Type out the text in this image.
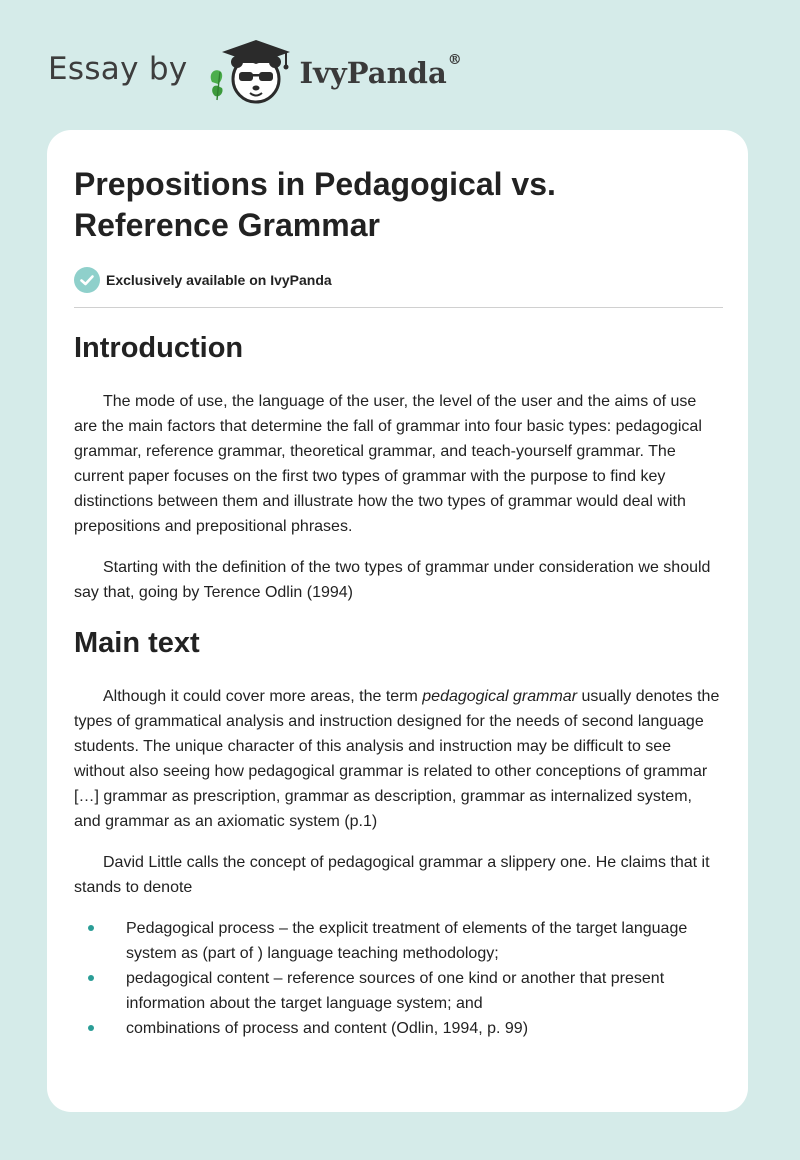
Essay by	IvyPanda®
Prepositions in Pedagogical vs. Reference Grammar
Exclusively available on IvyPanda
Introduction

The mode of use, the language of the user, the level of the user and the aims of use are the main factors that determine the fall of grammar into four basic types: pedagogical grammar, reference grammar, theoretical grammar, and teach-yourself grammar. The current paper focuses on the first two types of grammar with the purpose to find key distinctions between them and illustrate how the two types of grammar would deal with prepositions and prepositional phrases.

Starting with the definition of the two types of grammar under consideration we should say that, going by Terence Odlin (1994)

Main text

Although it could cover more areas, the term pedagogical grammar usually denotes the types of grammatical analysis and instruction designed for the needs of second language students. The unique character of this analysis and instruction may be difficult to see without also seeing how pedagogical grammar is related to other conceptions of grammar […] grammar as prescription, grammar as description, grammar as internalized system, and grammar as an axiomatic system (p.1)

David Little calls the concept of pedagogical grammar a slippery one. He claims that it stands to denote

Pedagogical process – the explicit treatment of elements of the target language system as (part of ) language teaching methodology;
pedagogical content – reference sources of one kind or another that present information about the target language system; and
combinations of process and content (Odlin, 1994, p. 99)
